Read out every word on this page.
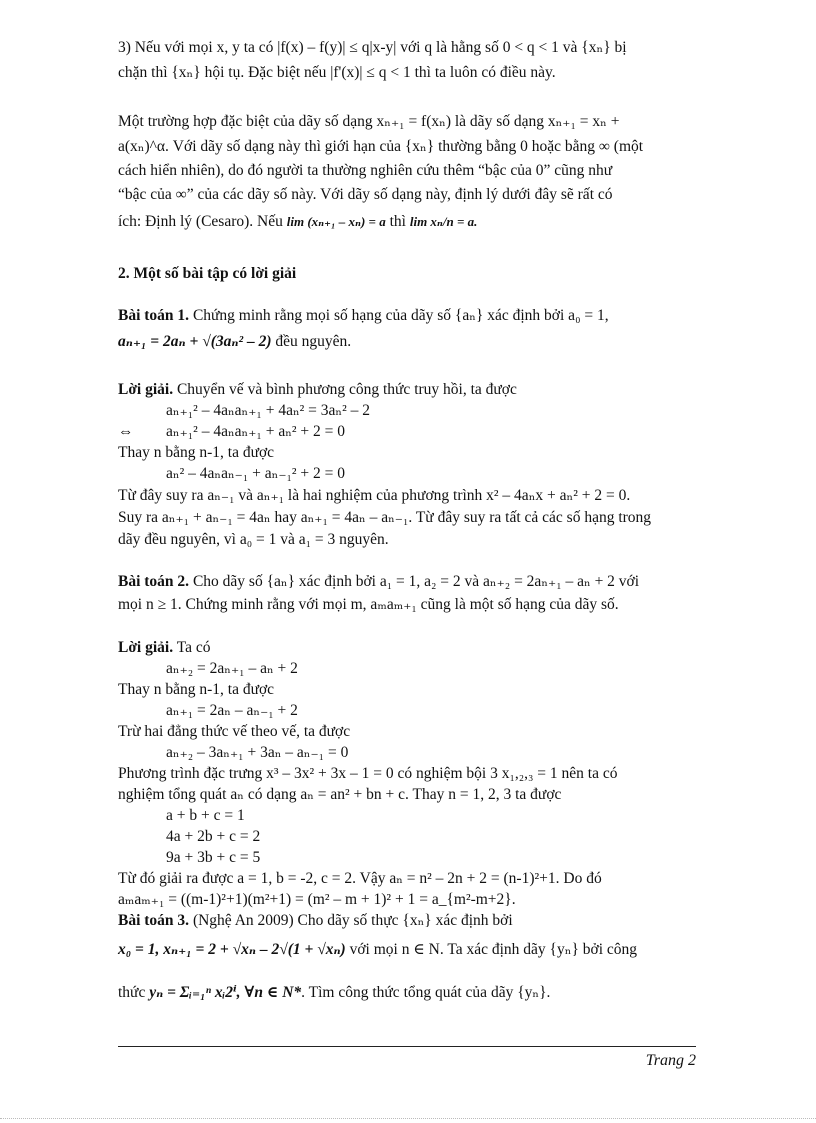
3) Nếu với mọi x, y ta có |f(x) – f(y)| ≤ q|x-y| với q là hằng số 0 < q < 1 và {xₙ} bị
chặn thì {xₙ} hội tụ. Đặc biệt nếu |f'(x)| ≤ q < 1 thì ta luôn có điều này.
Một trường hợp đặc biệt của dãy số dạng xₙ₊₁ = f(xₙ) là dãy số dạng xₙ₊₁ = xₙ +
a(xₙ)^α. Với dãy số dạng này thì giới hạn của {xₙ} thường bằng 0 hoặc bằng ∞ (một
cách hiển nhiên), do đó người ta thường nghiên cứu thêm “bậc của 0” cũng như
“bậc của ∞” của các dãy số này. Với dãy số dạng này, định lý dưới đây sẽ rất có
ích: Định lý (Cesaro). Nếu lim (xₙ₊₁ – xₙ) = a thì lim xₙ/n = a.
2. Một số bài tập có lời giải
Bài toán 1. Chứng minh rằng mọi số hạng của dãy số {aₙ} xác định bởi a₀ = 1,
aₙ₊₁ = 2aₙ + √(3aₙ² – 2) đều nguyên.
Lời giải. Chuyển vế và bình phương công thức truy hồi, ta được
aₙ₊₁² – 4aₙaₙ₊₁ + 4aₙ² = 3aₙ² – 2
⇔ aₙ₊₁² – 4aₙaₙ₊₁ + aₙ² + 2 = 0
Thay n bằng n-1, ta được
aₙ² – 4aₙaₙ₋₁ + aₙ₋₁² + 2 = 0
Từ đây suy ra aₙ₋₁ và aₙ₊₁ là hai nghiệm của phương trình x² – 4aₙx + aₙ² + 2 = 0.
Suy ra aₙ₊₁ + aₙ₋₁ = 4aₙ hay aₙ₊₁ = 4aₙ – aₙ₋₁. Từ đây suy ra tất cả các số hạng trong
dãy đều nguyên, vì a₀ = 1 và a₁ = 3 nguyên.
Bài toán 2. Cho dãy số {aₙ} xác định bởi a₁ = 1, a₂ = 2 và aₙ₊₂ = 2aₙ₊₁ – aₙ + 2 với
mọi n ≥ 1. Chứng minh rằng với mọi m, aₘaₘ₊₁ cũng là một số hạng của dãy số.
Lời giải. Ta có
aₙ₊₂ = 2aₙ₊₁ – aₙ + 2
Thay n bằng n-1, ta được
aₙ₊₁ = 2aₙ – aₙ₋₁ + 2
Trừ hai đẳng thức vế theo vế, ta được
aₙ₊₂ – 3aₙ₊₁ + 3aₙ – aₙ₋₁ = 0
Phương trình đặc trưng x³ – 3x² + 3x – 1 = 0 có nghiệm bội 3 x₁,₂,₃ = 1 nên ta có
nghiệm tổng quát aₙ có dạng aₙ = an² + bn + c. Thay n = 1, 2, 3 ta được
a + b + c = 1
4a + 2b + c = 2
9a + 3b + c = 5
Từ đó giải ra được a = 1, b = -2, c = 2. Vậy aₙ = n² – 2n + 2 = (n-1)²+1. Do đó
aₘaₘ₊₁ = ((m-1)²+1)(m²+1) = (m² – m + 1)² + 1 = a_{m²-m+2}.
Bài toán 3. (Nghệ An 2009) Cho dãy số thực {xₙ} xác định bởi
x₀ = 1, xₙ₊₁ = 2 + √xₙ – 2√(1 + √xₙ) với mọi n ∈ N. Ta xác định dãy {yₙ} bởi công
thức yₙ = Σᵢ₌₁ⁿ xᵢ2ⁱ, ∀n ∈ N*. Tìm công thức tổng quát của dãy {yₙ}.
Trang 2
